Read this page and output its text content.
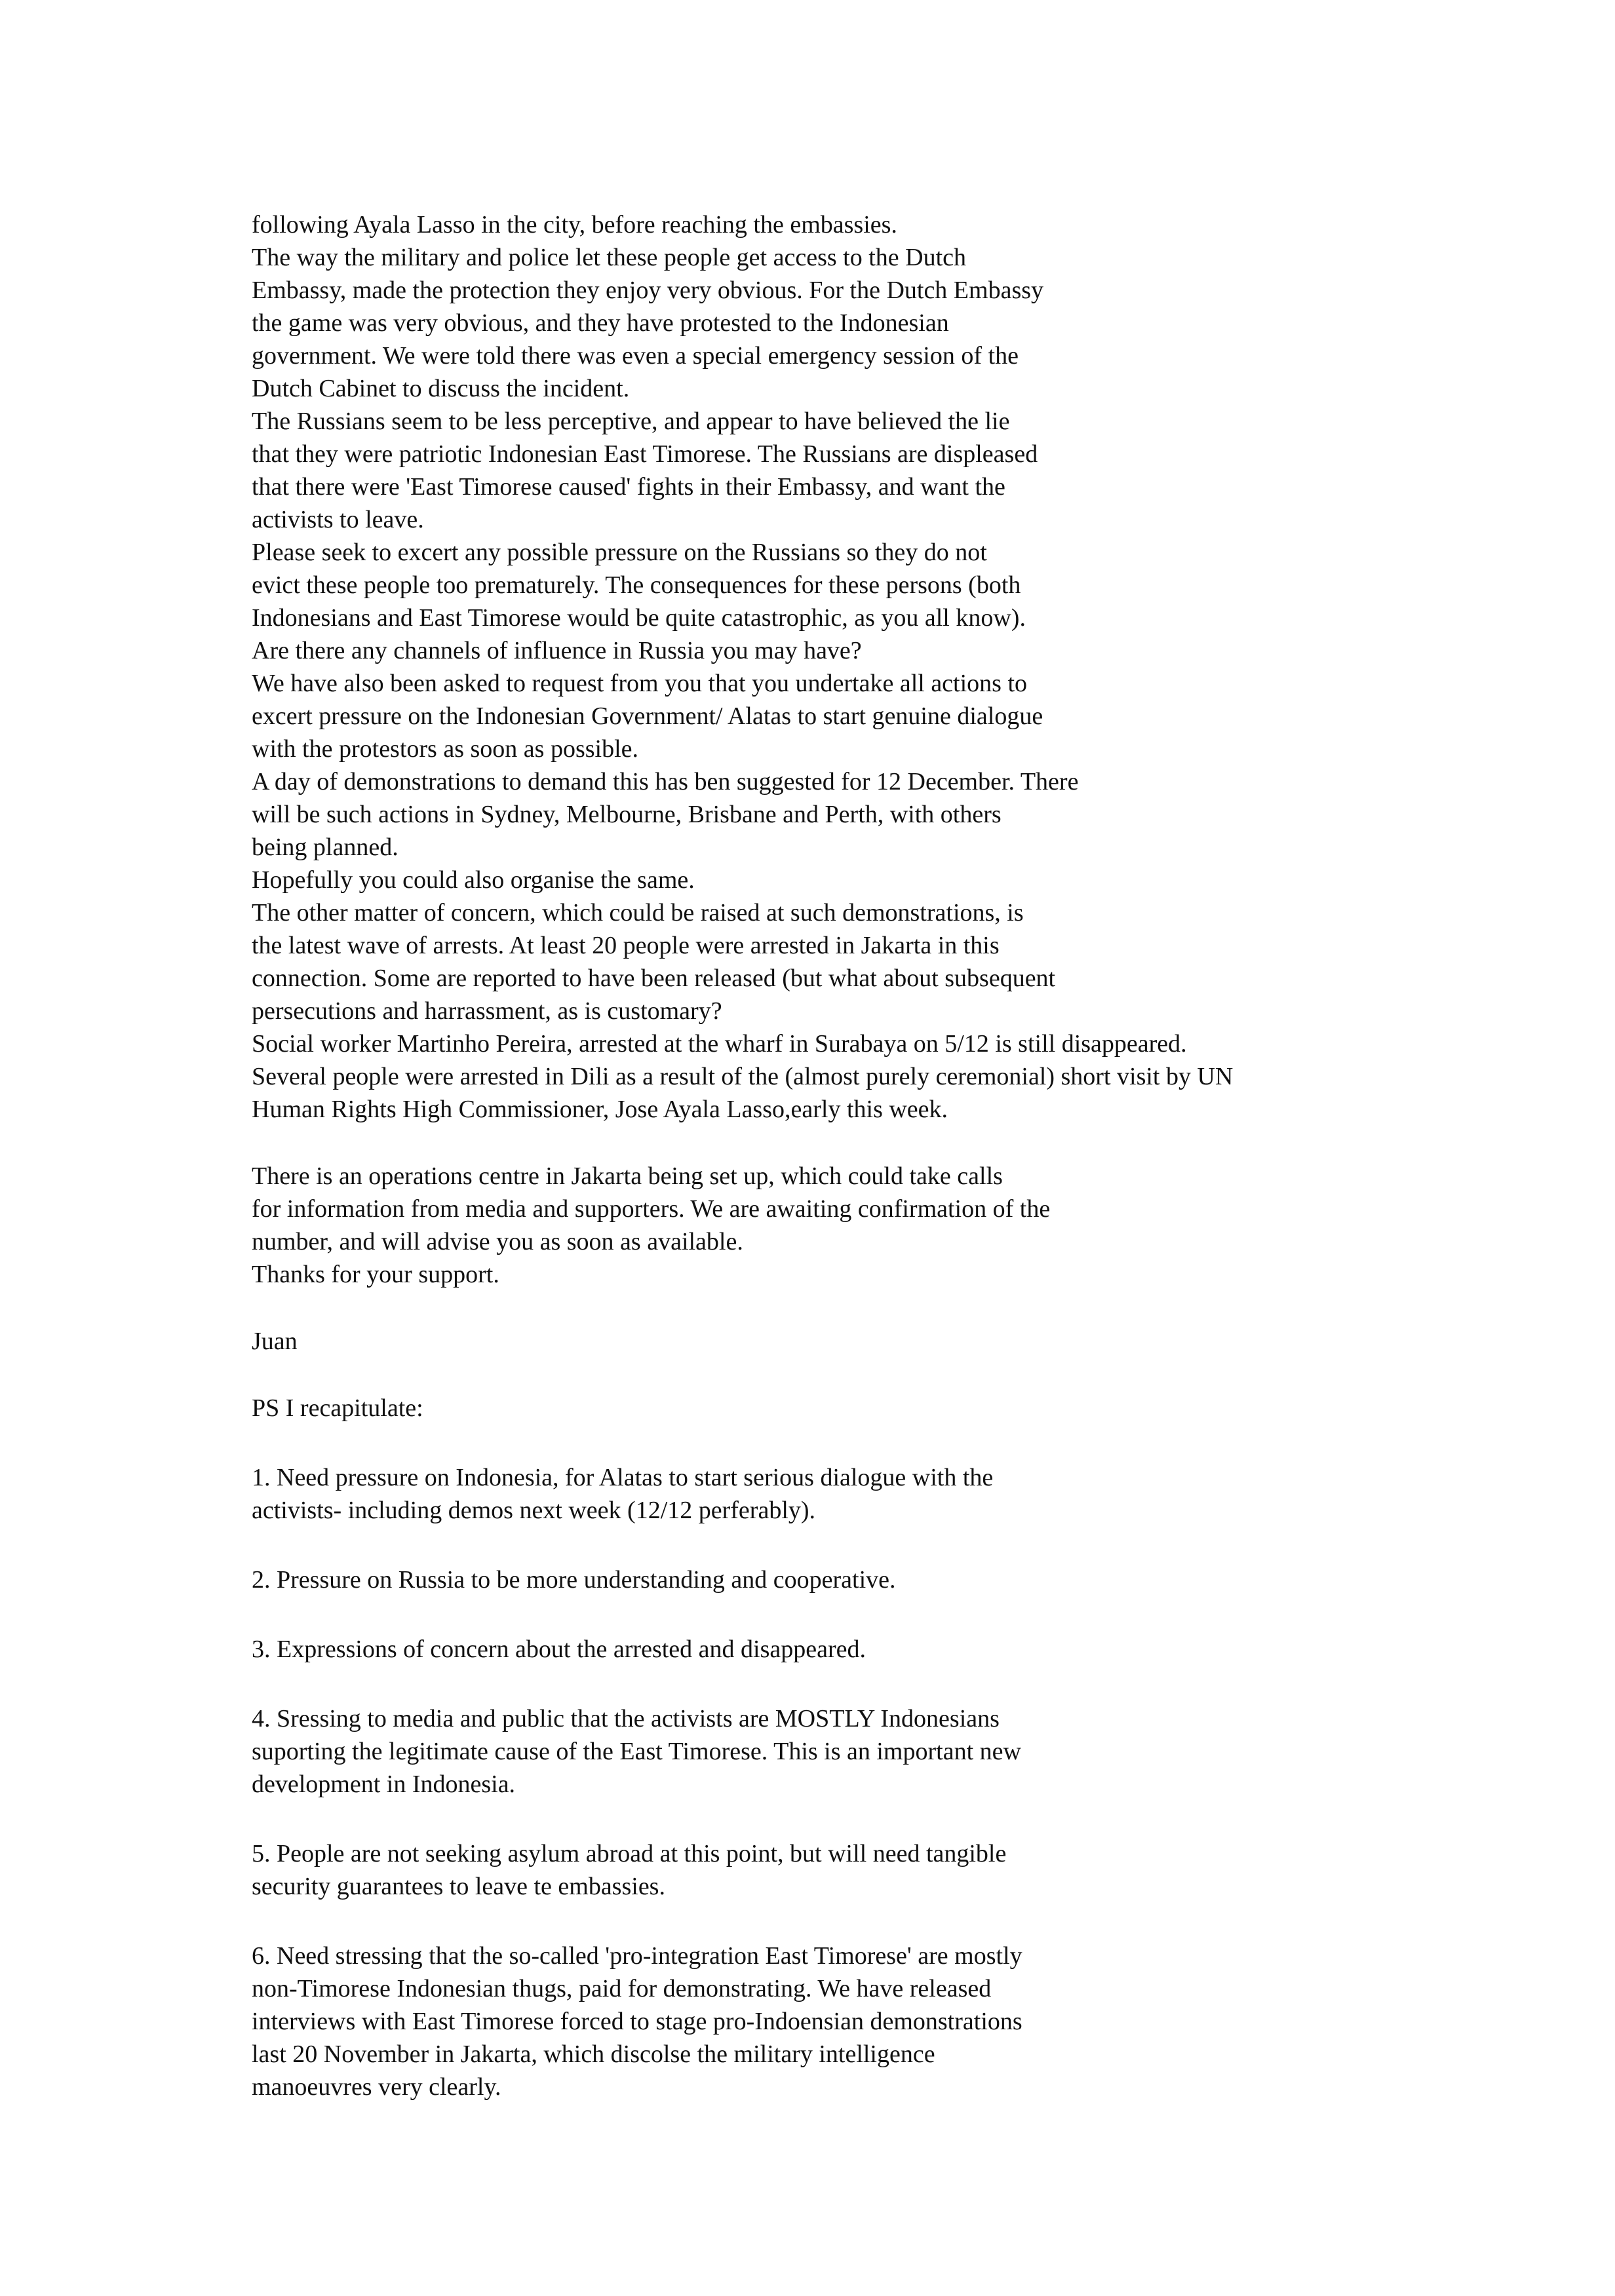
following Ayala Lasso in the city, before reaching the embassies.
The way the military and police let these people get access to the Dutch
Embassy, made the protection they enjoy very obvious. For the Dutch Embassy
the game was very obvious, and they have protested to the Indonesian
government. We were told there was even a special emergency session of the
Dutch Cabinet to discuss the incident.
The Russians seem to be less perceptive, and appear to have believed the lie
that they were patriotic Indonesian East Timorese. The Russians are displeased
that there were 'East Timorese caused' fights in their Embassy, and want the
activists to leave.
Please seek to excert any possible pressure on the Russians so they do not
evict these people too prematurely. The consequences for these persons (both
Indonesians and East Timorese would be quite catastrophic, as you all know).
Are there any channels of influence in Russia you may have?
We have also been asked to request from you that you undertake all actions to
excert pressure on the Indonesian Government/ Alatas to start genuine dialogue
with the protestors as soon as possible.
A day of demonstrations to demand this has ben suggested for 12 December. There
will be such actions in Sydney, Melbourne, Brisbane and Perth, with others
being planned.
Hopefully you could also organise the same.
The other matter of concern, which could be raised at such demonstrations, is
the latest wave of arrests. At least 20 people were arrested in Jakarta in this
connection. Some are reported to have been released (but what about subsequent
persecutions and harrassment, as is customary?
Social worker Martinho Pereira, arrested at the wharf in Surabaya on 5/12 is still disappeared.
Several people were arrested in Dili as a result of the (almost purely ceremonial) short visit by UN
Human Rights High Commissioner, Jose Ayala Lasso,early this week.
There is an operations centre in Jakarta being set up, which could take calls
for information from media and supporters. We are awaiting confirmation of the
number, and will advise you as soon as available.
Thanks for your support.
Juan
PS I recapitulate:
1. Need pressure on Indonesia, for Alatas to start serious dialogue with the
activists- including demos next week (12/12 perferably).
2. Pressure on Russia to be more understanding and cooperative.
3. Expressions of concern about the arrested and disappeared.
4. Sressing to media and public that the activists are MOSTLY Indonesians
suporting the legitimate cause of the East Timorese. This is an important new
development in Indonesia.
5. People are not seeking asylum abroad at this point, but will need tangible
security guarantees to leave te embassies.
6. Need stressing that the so-called 'pro-integration East Timorese' are mostly
non-Timorese Indonesian thugs, paid for demonstrating. We have released
interviews with East Timorese forced to stage pro-Indoensian demonstrations
last 20 November in Jakarta, which discolse the military intelligence
manoeuvres very clearly.
